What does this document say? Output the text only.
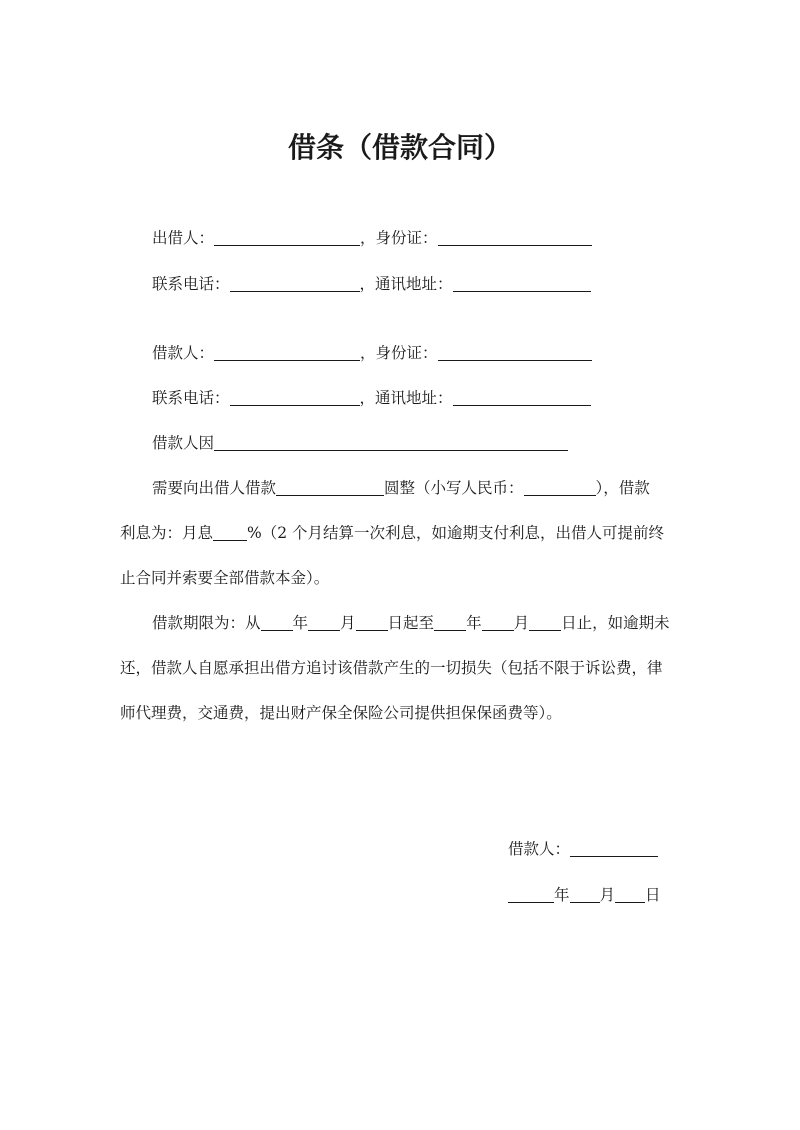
借条（借款合同）
出借人：	，身份证：
联系电话：	，通讯地址：
借款人：	，身份证：
联系电话：	，通讯地址：
借款人因
需要向出借人借款	圆整（小写人民币：	），借款
利息为：月息 %（2 个月结算一次利息，如逾期支付利息，出借人可提前终
止合同并索要全部借款本金）。
借款期限为：从 年 月 日起至 年 月 日止，如逾期未
还，借款人自愿承担出借方追讨该借款产生的一切损失（包括不限于诉讼费，律
师代理费，交通费，提出财产保全保险公司提供担保保函费等）。
借款人：
年 月 日
